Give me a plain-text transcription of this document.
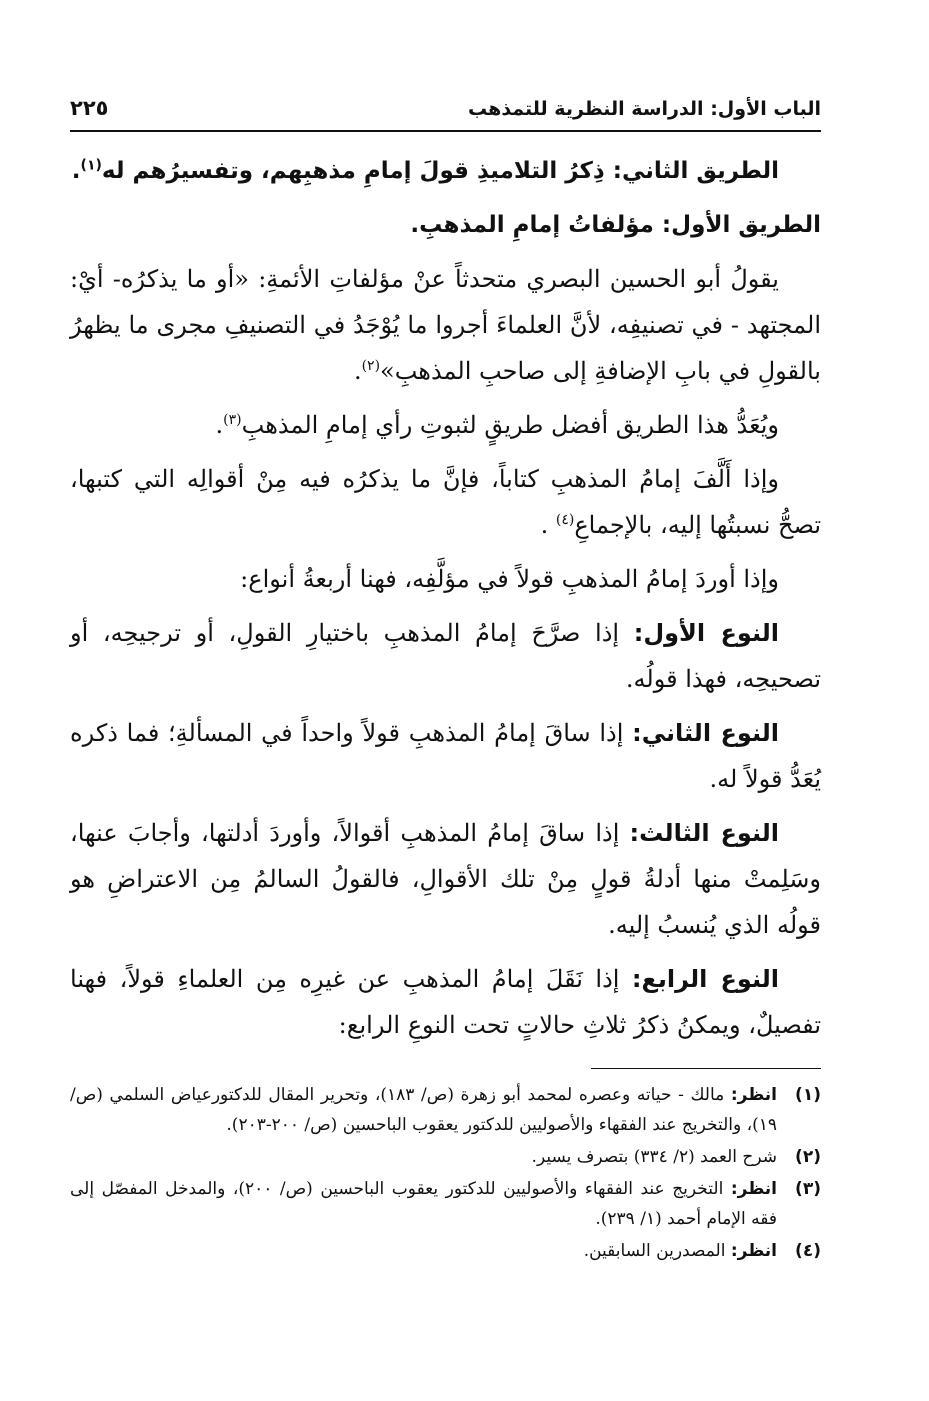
الباب الأول: الدراسة النظرية للتمذهب
٢٢٥

الطريق الثاني: ذِكرُ التلاميذِ قولَ إمامِ مذهبِهم، وتفسيرُهم له$^{(١)}$.

الطريق الأول: مؤلفاتُ إمامِ المذهبِ.

يقولُ أبو الحسين البصري متحدثاً عنْ مؤلفاتِ الأئمةِ: «أو ما يذكرُه- أيْ: المجتهد - في تصنيفِه، لأنَّ العلماءَ أجروا ما يُوْجَدُ في التصنيفِ مجرى ما يظهرُ بالقولِ في بابِ الإضافةِ إلى صاحبِ المذهبِ»$^{(٢)}$.

ويُعَدُّ هذا الطريق أفضل طريقٍ لثبوتِ رأي إمامِ المذهبِ$^{(٣)}$.

وإذا أَلَّفَ إمامُ المذهبِ كتاباً، فإنَّ ما يذكرُه فيه مِنْ أقوالِه التي كتبها، تصحُّ نسبتُها إليه، بالإجماعِ$^{(٤)}$ .

وإذا أوردَ إمامُ المذهبِ قولاً في مؤلَّفِه، فهنا أربعةُ أنواع:

النوع الأول: إذا صرَّحَ إمامُ المذهبِ باختيارِ القولِ، أو ترجيحِه، أو تصحيحِه، فهذا قولُه.

النوع الثاني: إذا ساقَ إمامُ المذهبِ قولاً واحداً في المسألةِ؛ فما ذكره يُعَدُّ قولاً له.

النوع الثالث: إذا ساقَ إمامُ المذهبِ أقوالاً، وأوردَ أدلتها، وأجابَ عنها، وسَلِمتْ منها أدلةُ قولٍ مِنْ تلك الأقوالِ، فالقولُ السالمُ مِن الاعتراضِ هو قولُه الذي يُنسبُ إليه.

النوع الرابع: إذا نَقَلَ إمامُ المذهبِ عن غيرِه مِن العلماءِ قولاً، فهنا تفصيلٌ، ويمكنُ ذكرُ ثلاثِ حالاتٍ تحت النوعِ الرابع:

(١)
انظر: مالك - حياته وعصره لمحمد أبو زهرة (ص/ ١٨٣)، وتحرير المقال للدكتورعياض السلمي (ص/ ١٩)، والتخريج عند الفقهاء والأصوليين للدكتور يعقوب الباحسين (ص/ ٢٠٠-٢٠٣).
(٢)
شرح العمد (٢/ ٣٣٤) بتصرف يسير.
(٣)
انظر: التخريج عند الفقهاء والأصوليين للدكتور يعقوب الباحسين (ص/ ٢٠٠)، والمدخل المفصّل إلى فقه الإمام أحمد (١/ ٢٣٩).
(٤)
انظر: المصدرين السابقين.
